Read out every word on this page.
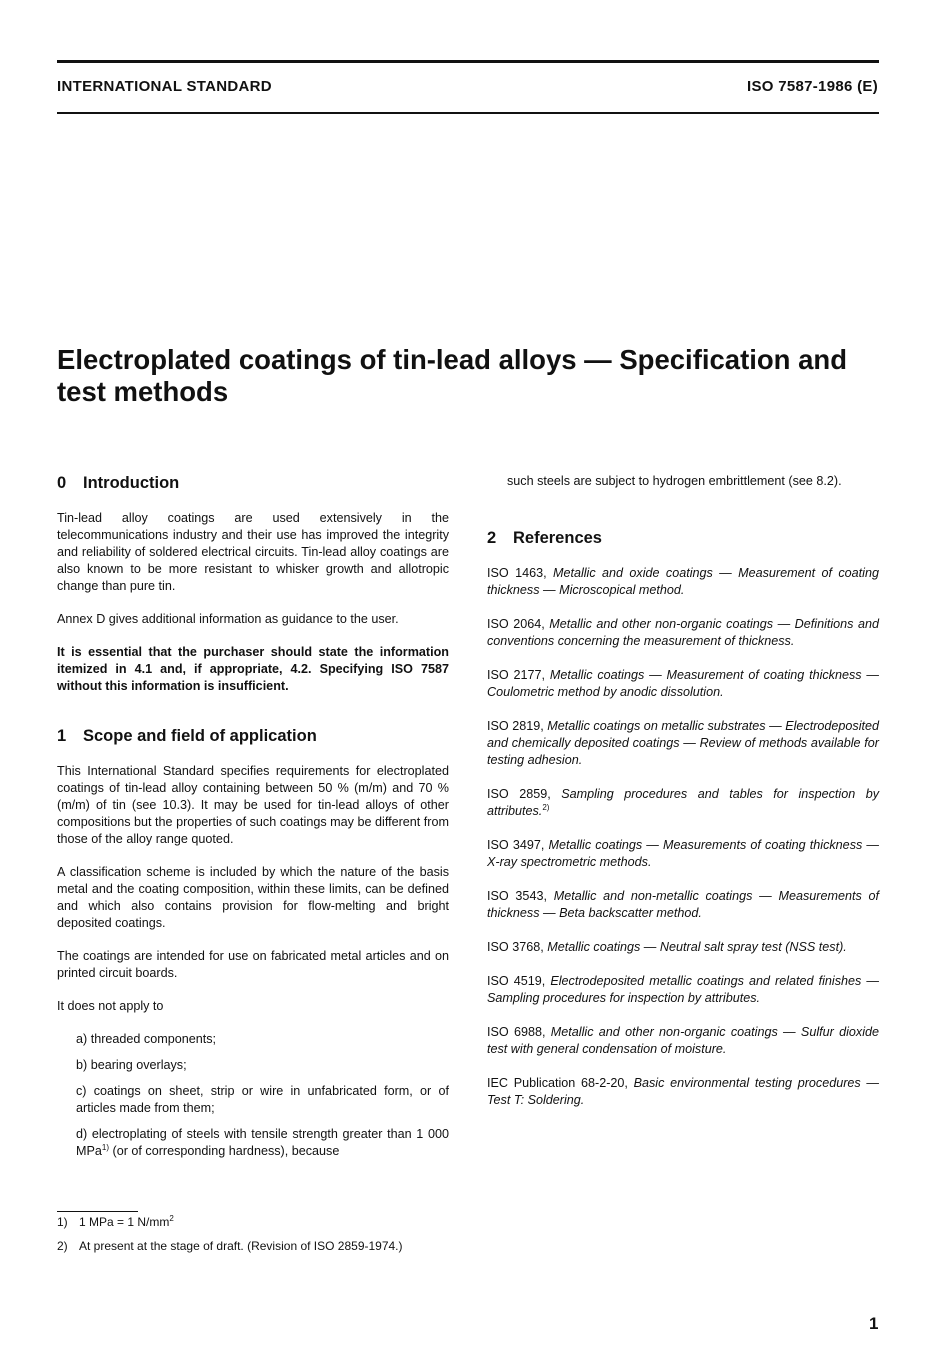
INTERNATIONAL STANDARD	ISO 7587-1986 (E)
Electroplated coatings of tin-lead alloys — Specification and test methods
0 Introduction

Tin-lead alloy coatings are used extensively in the telecommunications industry and their use has improved the integrity and reliability of soldered electrical circuits. Tin-lead alloy coatings are also known to be more resistant to whisker growth and allotropic change than pure tin.

Annex D gives additional information as guidance to the user.

It is essential that the purchaser should state the information itemized in 4.1 and, if appropriate, 4.2. Specifying ISO 7587 without this information is insufficient.

1 Scope and field of application

This International Standard specifies requirements for electroplated coatings of tin-lead alloy containing between 50 % (m/m) and 70 % (m/m) of tin (see 10.3). It may be used for tin-lead alloys of other compositions but the properties of such coatings may be different from those of the alloy range quoted.

A classification scheme is included by which the nature of the basis metal and the coating composition, within these limits, can be defined and which also contains provision for flow-melting and bright deposited coatings.

The coatings are intended for use on fabricated metal articles and on printed circuit boards.

It does not apply to

a) threaded components;
b) bearing overlays;
c) coatings on sheet, strip or wire in unfabricated form, or of articles made from them;
d) electroplating of steels with tensile strength greater than 1 000 MPa$^{1)}$ (or of corresponding hardness), because

such steels are subject to hydrogen embrittlement (see 8.2).

2 References

ISO 1463, Metallic and oxide coatings — Measurement of coating thickness — Microscopical method.

ISO 2064, Metallic and other non-organic coatings — Definitions and conventions concerning the measurement of thickness.

ISO 2177, Metallic coatings — Measurement of coating thickness — Coulometric method by anodic dissolution.

ISO 2819, Metallic coatings on metallic substrates — Electrodeposited and chemically deposited coatings — Review of methods available for testing adhesion.

ISO 2859, Sampling procedures and tables for inspection by attributes.$^{2)}$

ISO 3497, Metallic coatings — Measurements of coating thickness — X-ray spectrometric methods.

ISO 3543, Metallic and non-metallic coatings — Measurements of thickness — Beta backscatter method.

ISO 3768, Metallic coatings — Neutral salt spray test (NSS test).

ISO 4519, Electrodeposited metallic coatings and related finishes — Sampling procedures for inspection by attributes.

ISO 6988, Metallic and other non-organic coatings — Sulfur dioxide test with general condensation of moisture.

IEC Publication 68-2-20, Basic environmental testing procedures — Test T: Soldering.

1) 1 MPa = 1 $N/mm^2$
2) At present at the stage of draft. (Revision of ISO 2859-1974.)
1
